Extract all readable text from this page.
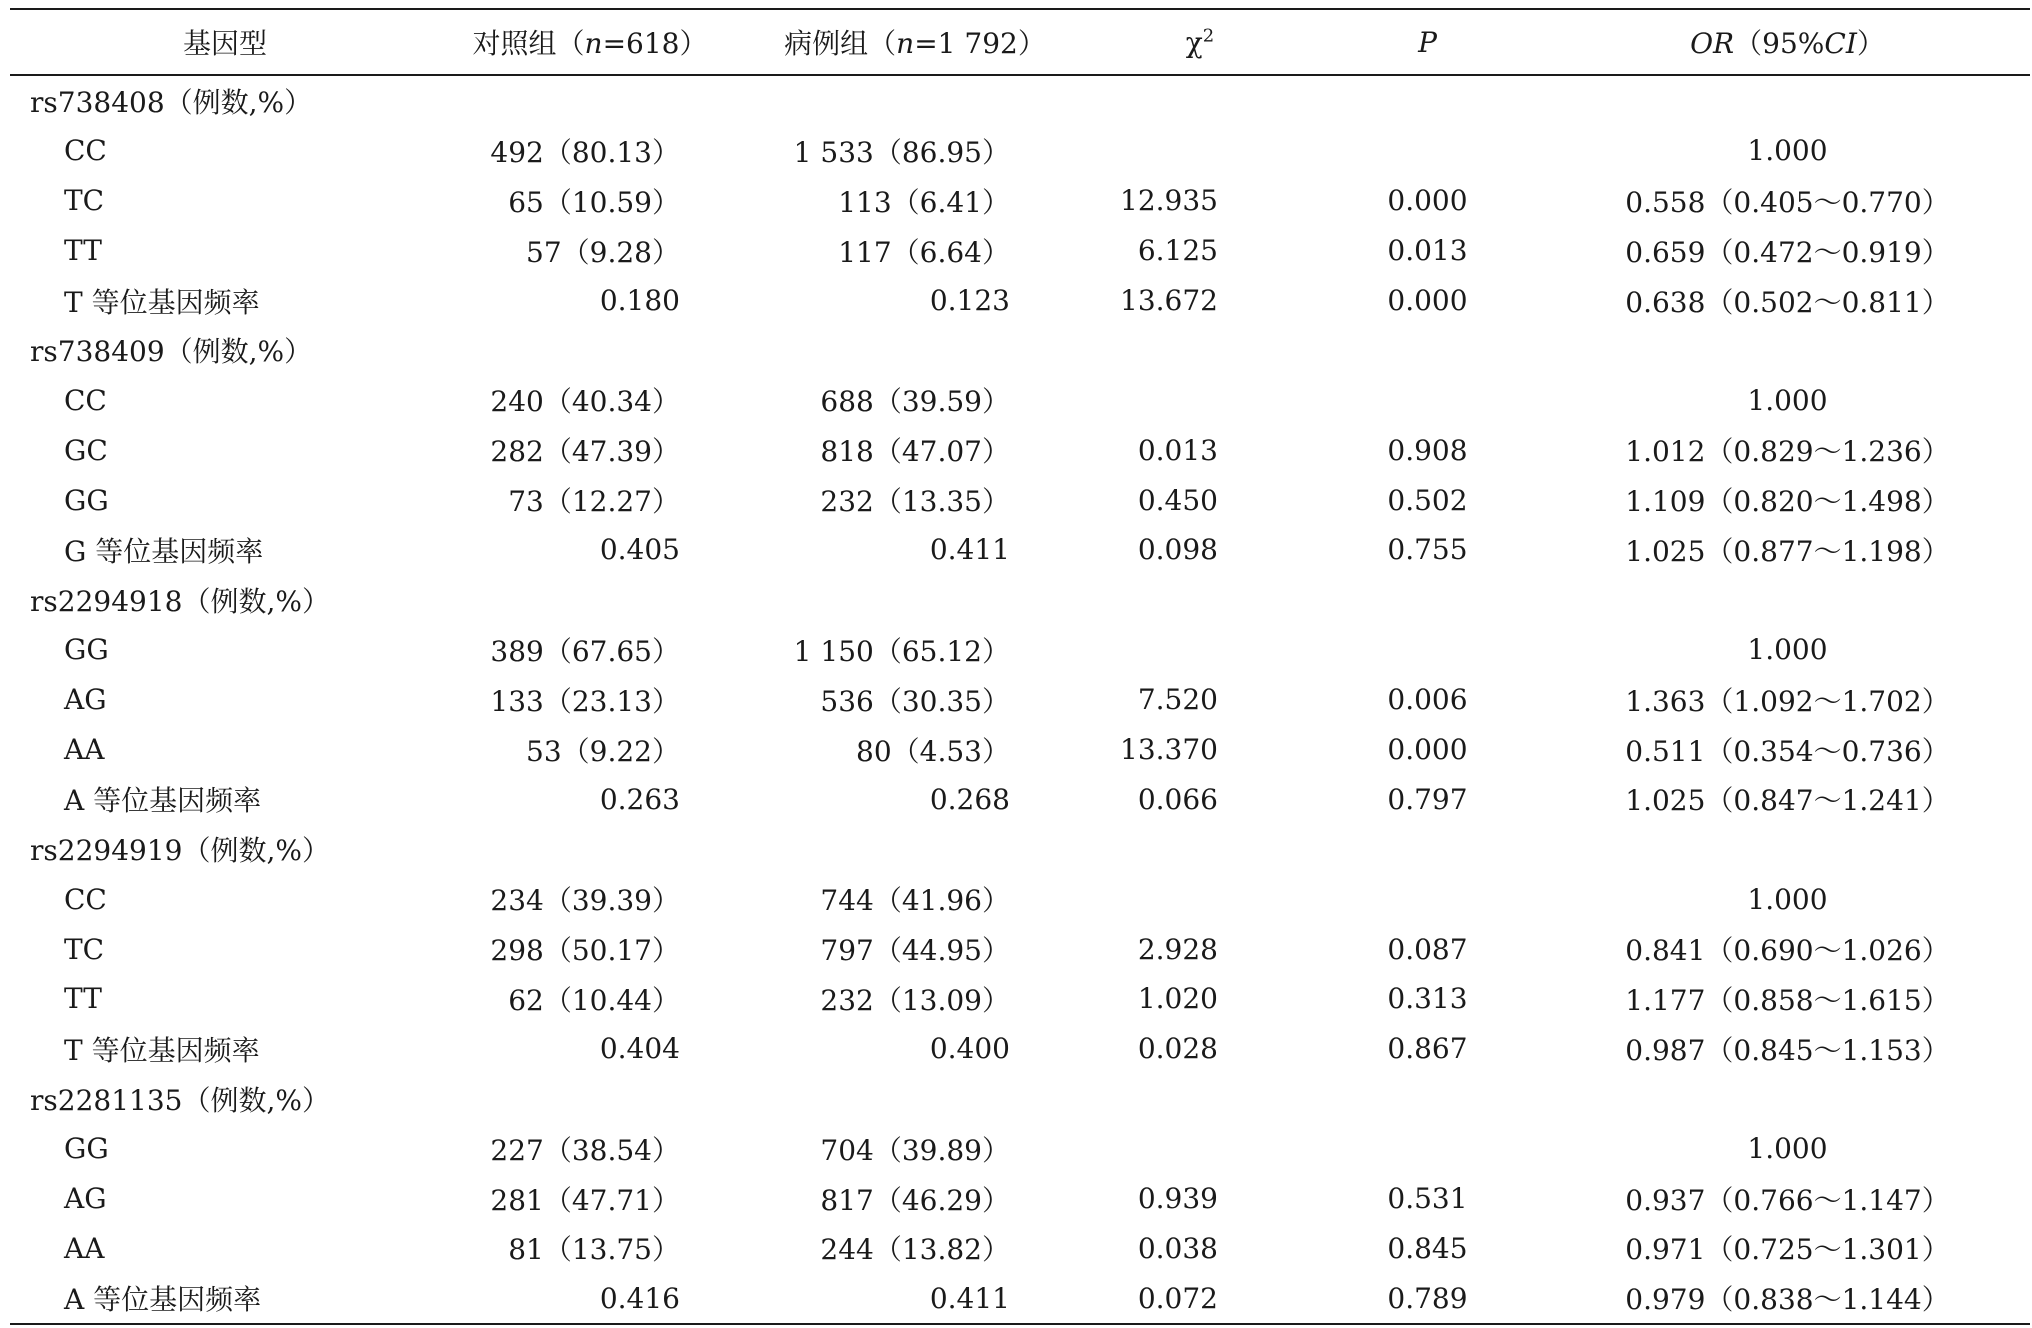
基因型	对照组（n=618）	病例组（n=1 792）	$\chi^2$	P	OR（95%CI）
rs738408（例数,%）					
CC	492（80.13）	1 533（86.95）			1.000
TC	65（10.59）	113（6.41）	12.935	0.000	0.558（0.405～0.770）
TT	57（9.28）	117（6.64）	6.125	0.013	0.659（0.472～0.919）
T 等位基因频率	0.180	0.123	13.672	0.000	0.638（0.502～0.811）
rs738409（例数,%）					
CC	240（40.34）	688（39.59）			1.000
GC	282（47.39）	818（47.07）	0.013	0.908	1.012（0.829～1.236）
GG	73（12.27）	232（13.35）	0.450	0.502	1.109（0.820～1.498）
G 等位基因频率	0.405	0.411	0.098	0.755	1.025（0.877～1.198）
rs2294918（例数,%）					
GG	389（67.65）	1 150（65.12）			1.000
AG	133（23.13）	536（30.35）	7.520	0.006	1.363（1.092～1.702）
AA	53（9.22）	80（4.53）	13.370	0.000	0.511（0.354～0.736）
A 等位基因频率	0.263	0.268	0.066	0.797	1.025（0.847～1.241）
rs2294919（例数,%）					
CC	234（39.39）	744（41.96）			1.000
TC	298（50.17）	797（44.95）	2.928	0.087	0.841（0.690～1.026）
TT	62（10.44）	232（13.09）	1.020	0.313	1.177（0.858～1.615）
T 等位基因频率	0.404	0.400	0.028	0.867	0.987（0.845～1.153）
rs2281135（例数,%）					
GG	227（38.54）	704（39.89）			1.000
AG	281（47.71）	817（46.29）	0.939	0.531	0.937（0.766～1.147）
AA	81（13.75）	244（13.82）	0.038	0.845	0.971（0.725～1.301）
A 等位基因频率	0.416	0.411	0.072	0.789	0.979（0.838～1.144）
